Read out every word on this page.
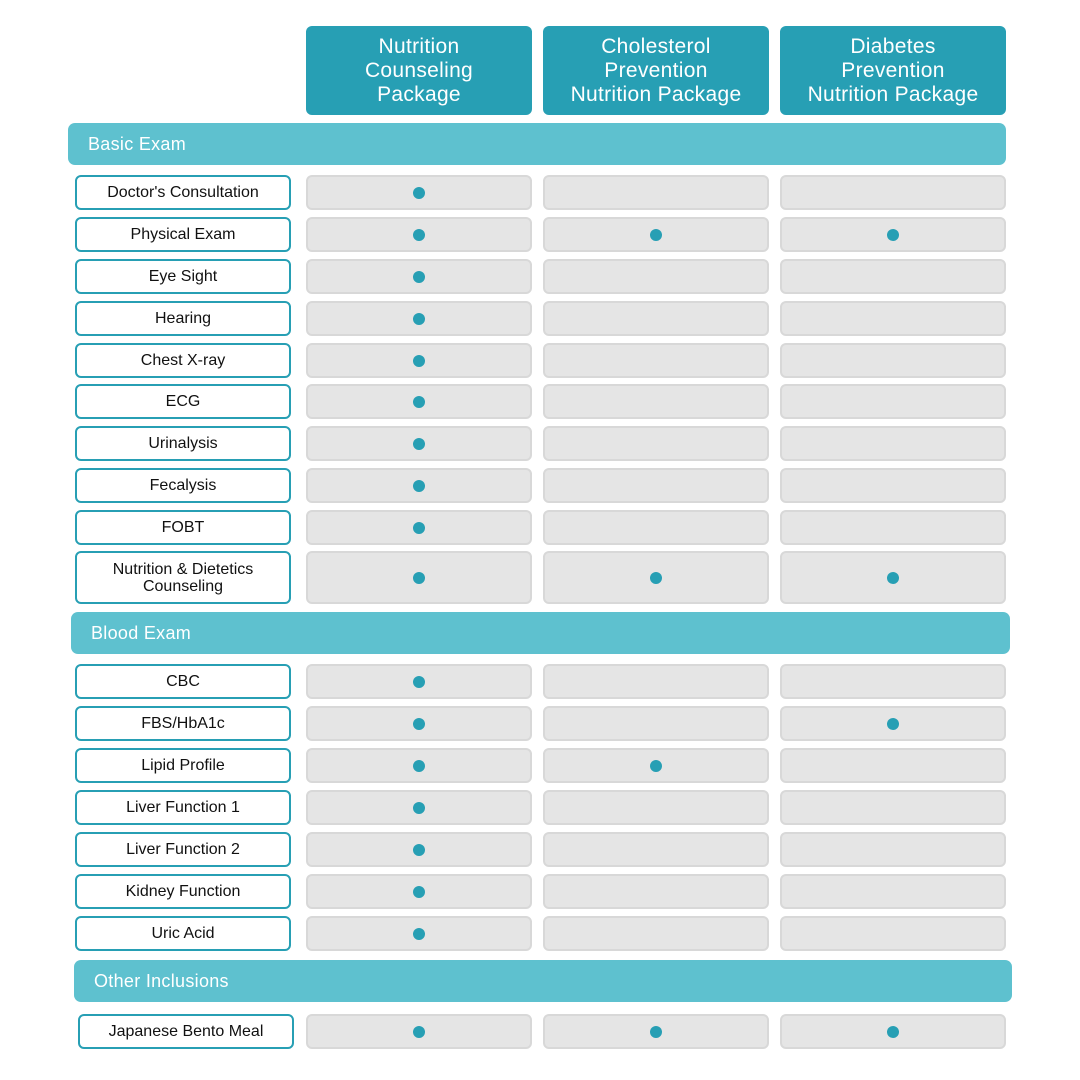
Nutrition
Counseling
Package
Cholesterol
Prevention
Nutrition Package
Diabetes
Prevention
Nutrition Package
Basic Exam
Doctor's Consultation
Physical Exam
Eye Sight
Hearing
Chest X-ray
ECG
Urinalysis
Fecalysis
FOBT
Nutrition & Dietetics
Counseling
Blood Exam
CBC
FBS/HbA1c
Lipid Profile
Liver Function 1
Liver Function 2
Kidney Function
Uric Acid
Other Inclusions
Japanese Bento Meal
